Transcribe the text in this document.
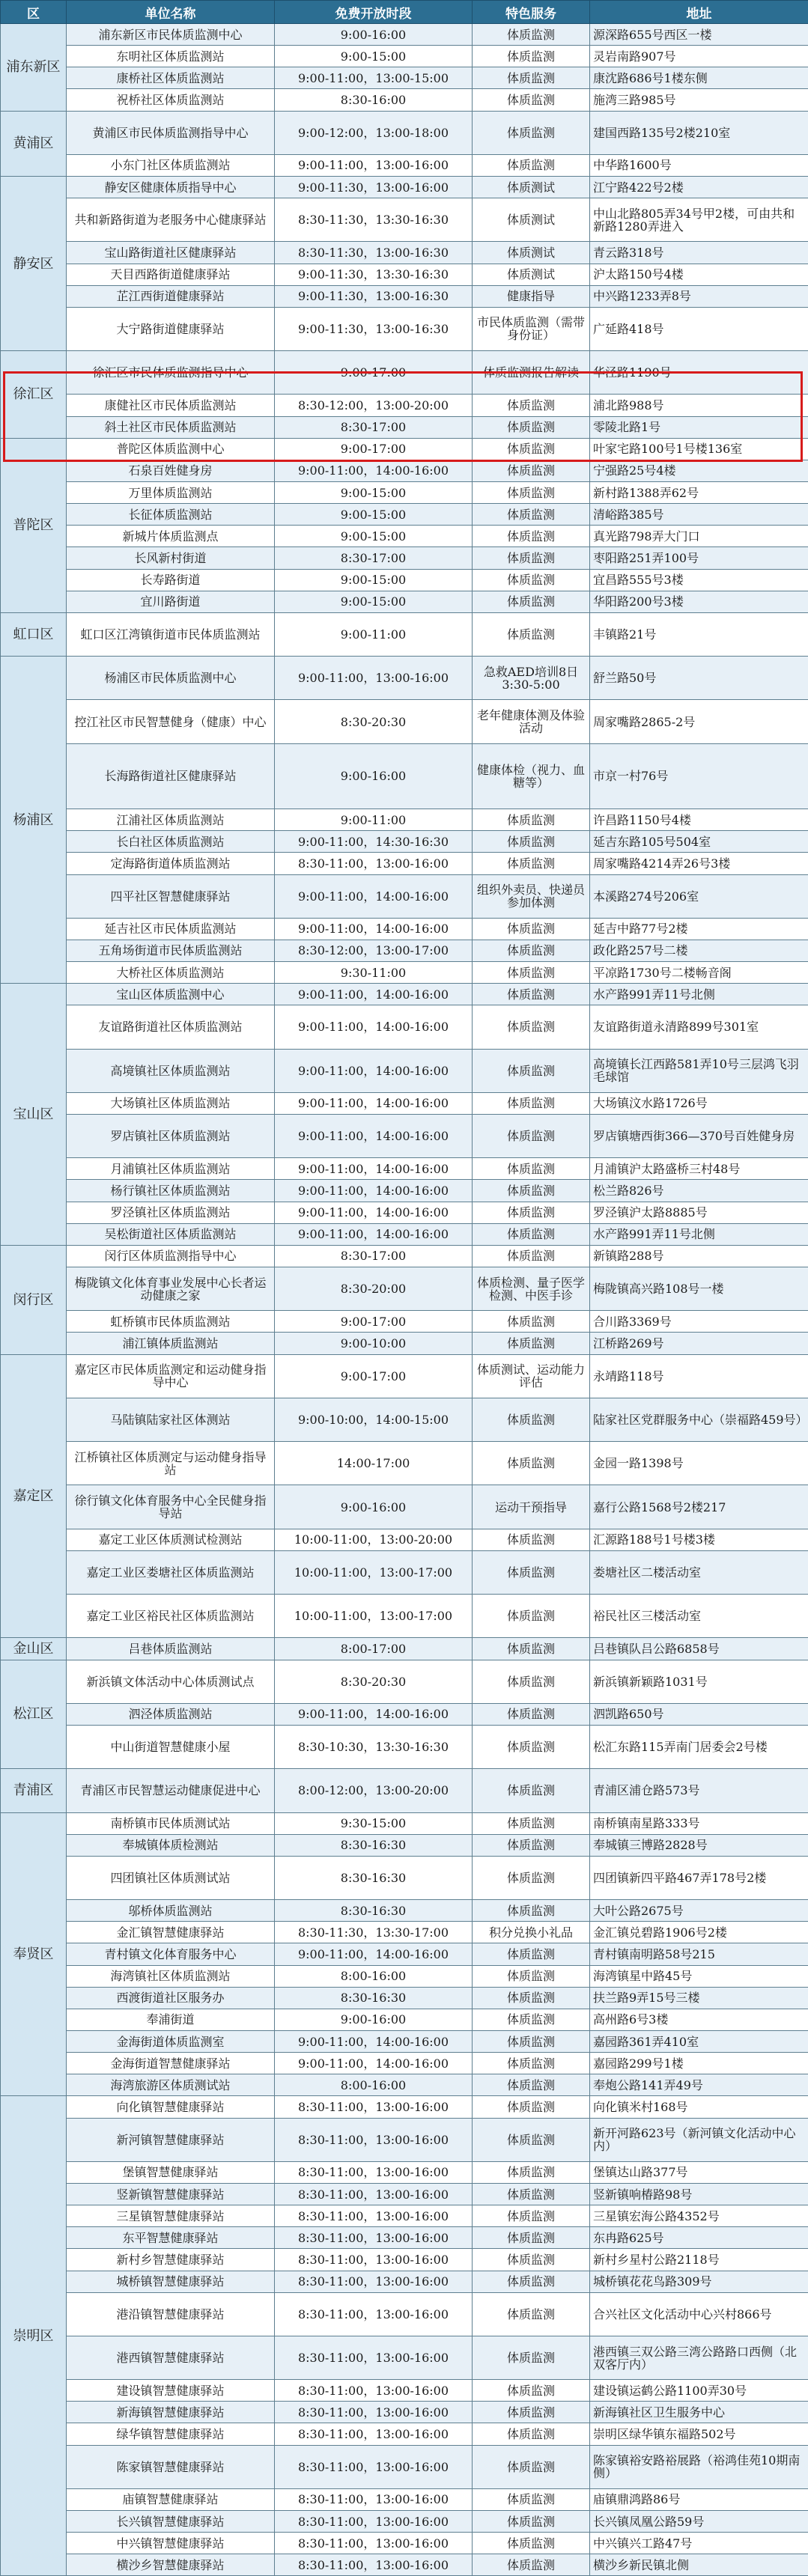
区	单位名称	免费开放时段	特色服务	地址
浦东新区	浦东新区市民体质监测中心	9:00-16:00	体质监测	源深路655号西区一楼
	东明社区体质监测站	9:00-15:00	体质监测	灵岩南路907号
	康桥社区体质监测站	9:00-11:00，13:00-15:00	体质监测	康沈路686号1楼东侧
	祝桥社区体质监测站	8:30-16:00	体质监测	施湾三路985号
黄浦区	黄浦区市民体质监测指导中心	9:00-12:00，13:00-18:00	体质监测	建国西路135号2楼210室
	小东门社区体质监测站	9:00-11:00，13:00-16:00	体质监测	中华路1600号
静安区	静安区健康体质指导中心	9:00-11:30，13:00-16:00	体质测试	江宁路422号2楼
	共和新路街道为老服务中心健康驿站	8:30-11:30，13:30-16:30	体质测试	中山北路805弄34号甲2楼，可由共和新路1280弄进入
	宝山路街道社区健康驿站	8:30-11:30，13:00-16:30	体质测试	青云路318号
	天目西路街道健康驿站	9:00-11:30，13:30-16:30	体质测试	沪太路150号4楼
	芷江西街道健康驿站	9:00-11:30，13:00-16:30	健康指导	中兴路1233弄8号
	大宁路街道健康驿站	9:00-11:30，13:00-16:30	市民体质监测（需带身份证）	广延路418号
徐汇区	徐汇区市民体质监测指导中心	9:00-17:00	体质监测报告解读	华泾路1190号
	康健社区市民体质监测站	8:30-12:00，13:00-20:00	体质监测	浦北路988号
	斜土社区市民体质监测站	8:30-17:00	体质监测	零陵北路1号
普陀区	普陀区体质监测中心	9:00-17:00	体质监测	叶家宅路100号1号楼136室
	石泉百姓健身房	9:00-11:00，14:00-16:00	体质监测	宁强路25号4楼
	万里体质监测站	9:00-15:00	体质监测	新村路1388弄62号
	长征体质监测站	9:00-15:00	体质监测	清峪路385号
	新城片体质监测点	9:00-15:00	体质监测	真光路798弄大门口
	长风新村街道	8:30-17:00	体质监测	枣阳路251弄100号
	长寿路街道	9:00-15:00	体质监测	宜昌路555号3楼
	宜川路街道	9:00-15:00	体质监测	华阳路200号3楼
虹口区	虹口区江湾镇街道市民体质监测站	9:00-11:00	体质监测	丰镇路21号
杨浦区	杨浦区市民体质监测中心	9:00-11:00，13:00-16:00	急救AED培训8日3:30-5:00	舒兰路50号
	控江社区市民智慧健身（健康）中心	8:30-20:30	老年健康体测及体验活动	周家嘴路2865-2号
	长海路街道社区健康驿站	9:00-16:00	健康体检（视力、血糖等）	市京一村76号
	江浦社区体质监测站	9:00-11:00	体质监测	许昌路1150号4楼
	长白社区体质监测站	9:00-11:00，14:30-16:30	体质监测	延吉东路105号504室
	定海路街道体质监测站	8:30-11:00，13:00-16:00	体质监测	周家嘴路4214弄26号3楼
	四平社区智慧健康驿站	9:00-11:00，14:00-16:00	组织外卖员、快递员参加体测	本溪路274号206室
	延吉社区市民体质监测站	9:00-11:00，14:00-16:00	体质监测	延吉中路77号2楼
	五角场街道市民体质监测站	8:30-12:00，13:00-17:00	体质监测	政化路257号二楼
	大桥社区体质监测站	9:30-11:00	体质监测	平凉路1730号二楼畅音阁
宝山区	宝山区体质监测中心	9:00-11:00，14:00-16:00	体质监测	水产路991弄11号北侧
	友谊路街道社区体质监测站	9:00-11:00，14:00-16:00	体质监测	友谊路街道永清路899号301室
	高境镇社区体质监测站	9:00-11:00，14:00-16:00	体质监测	高境镇长江西路581弄10号三层鸿飞羽毛球馆
	大场镇社区体质监测站	9:00-11:00，14:00-16:00	体质监测	大场镇汶水路1726号
	罗店镇社区体质监测站	9:00-11:00，14:00-16:00	体质监测	罗店镇塘西街366—370号百姓健身房
	月浦镇社区体质监测站	9:00-11:00，14:00-16:00	体质监测	月浦镇沪太路盛桥三村48号
	杨行镇社区体质监测站	9:00-11:00，14:00-16:00	体质监测	松兰路826号
	罗泾镇社区体质监测站	9:00-11:00，14:00-16:00	体质监测	罗泾镇沪太路8885号
	吴松街道社区体质监测站	9:00-11:00，14:00-16:00	体质监测	水产路991弄11号北侧
闵行区	闵行区体质监测指导中心	8:30-17:00	体质监测	新镇路288号
	梅陇镇文化体育事业发展中心长者运动健康之家	8:30-20:00	体质检测、量子医学检测、中医手诊	梅陇镇高兴路108号一楼
	虹桥镇市民体质监测站	9:00-17:00	体质监测	合川路3369号
	浦江镇体质监测站	9:00-10:00	体质监测	江桥路269号
嘉定区	嘉定区市民体质监测定和运动健身指导中心	9:00-17:00	体质测试、运动能力评估	永靖路118号
	马陆镇陆家社区体测站	9:00-10:00，14:00-15:00	体质监测	陆家社区党群服务中心（崇福路459号）
	江桥镇社区体质测定与运动健身指导站	14:00-17:00	体质监测	金园一路1398号
	徐行镇文化体育服务中心全民健身指导站	9:00-16:00	运动干预指导	嘉行公路1568号2楼217
	嘉定工业区体质测试检测站	10:00-11:00，13:00-20:00	体质监测	汇源路188号1号楼3楼
	嘉定工业区娄塘社区体质监测站	10:00-11:00，13:00-17:00	体质监测	娄塘社区二楼活动室
	嘉定工业区裕民社区体质监测站	10:00-11:00，13:00-17:00	体质监测	裕民社区三楼活动室
金山区	吕巷体质监测站	8:00-17:00	体质监测	吕巷镇队吕公路6858号
松江区	新浜镇文体活动中心体质测试点	8:30-20:30	体质监测	新浜镇新颖路1031号
	泗泾体质监测站	9:00-11:00，14:00-16:00	体质监测	泗凯路650号
	中山街道智慧健康小屋	8:30-10:30，13:30-16:30	体质监测	松汇东路115弄南门居委会2号楼
青浦区	青浦区市民智慧运动健康促进中心	8:00-12:00，13:00-20:00	体质监测	青浦区浦仓路573号
奉贤区	南桥镇市民体质测试站	9:30-15:00	体质监测	南桥镇南星路333号
	奉城镇体质检测站	8:30-16:30	体质监测	奉城镇三博路2828号
	四团镇社区体质测试站	8:30-16:30	体质监测	四团镇新四平路467弄178号2楼
	邬桥体质监测站	8:30-16:30	体质监测	大叶公路2675号
	金汇镇智慧健康驿站	8:30-11:30，13:30-17:00	积分兑换小礼品	金汇镇兑碧路1906号2楼
	青村镇文化体育服务中心	9:00-11:00，14:00-16:00	体质监测	青村镇南明路58号215
	海湾镇社区体质监测站	8:00-16:00	体质监测	海湾镇星中路45号
	西渡街道社区服务办	8:30-16:30	体质监测	扶兰路9弄15号三楼
	奉浦街道	9:00-16:00	体质监测	高州路6号3楼
	金海街道体质监测室	9:00-11:00，14:00-16:00	体质监测	嘉园路361弄410室
	金海街道智慧健康驿站	9:00-11:00，14:00-16:00	体质监测	嘉园路299号1楼
	海湾旅游区体质测试站	8:00-16:00	体质监测	奉炮公路141弄49号
崇明区	向化镇智慧健康驿站	8:30-11:00，13:00-16:00	体质监测	向化镇米村168号
	新河镇智慧健康驿站	8:30-11:00，13:00-16:00	体质监测	新开河路623号（新河镇文化活动中心内）
	堡镇智慧健康驿站	8:30-11:00，13:00-16:00	体质监测	堡镇达山路377号
	竖新镇智慧健康驿站	8:30-11:00，13:00-16:00	体质监测	竖新镇响椿路98号
	三星镇智慧健康驿站	8:30-11:00，13:00-16:00	体质监测	三星镇宏海公路4352号
	东平智慧健康驿站	8:30-11:00，13:00-16:00	体质监测	东冉路625号
	新村乡智慧健康驿站	8:30-11:00，13:00-16:00	体质监测	新村乡星村公路2118号
	城桥镇智慧健康驿站	8:30-11:00，13:00-16:00	体质监测	城桥镇花花鸟路309号
	港沿镇智慧健康驿站	8:30-11:00，13:00-16:00	体质监测	合兴社区文化活动中心兴村866号
	港西镇智慧健康驿站	8:30-11:00，13:00-16:00	体质监测	港西镇三双公路三湾公路路口西侧（北双客厅内）
	建设镇智慧健康驿站	8:30-11:00，13:00-16:00	体质监测	建设镇运鹤公路1100弄30号
	新海镇智慧健康驿站	8:30-11:00，13:00-16:00	体质监测	新海镇社区卫生服务中心
	绿华镇智慧健康驿站	8:30-11:00，13:00-16:00	体质监测	崇明区绿华镇东福路502号
	陈家镇智慧健康驿站	8:30-11:00，13:00-16:00	体质监测	陈家镇裕安路裕展路（裕鸿佳苑10期南侧）
	庙镇智慧健康驿站	8:30-11:00，13:00-16:00	体质监测	庙镇鼎鸿路86号
	长兴镇智慧健康驿站	8:30-11:00，13:00-16:00	体质监测	长兴镇凤凰公路59号
	中兴镇智慧健康驿站	8:30-11:00，13:00-16:00	体质监测	中兴镇兴工路47号
	横沙乡智慧健康驿站	8:30-11:00，13:00-16:00	体质监测	横沙乡新民镇北侧
